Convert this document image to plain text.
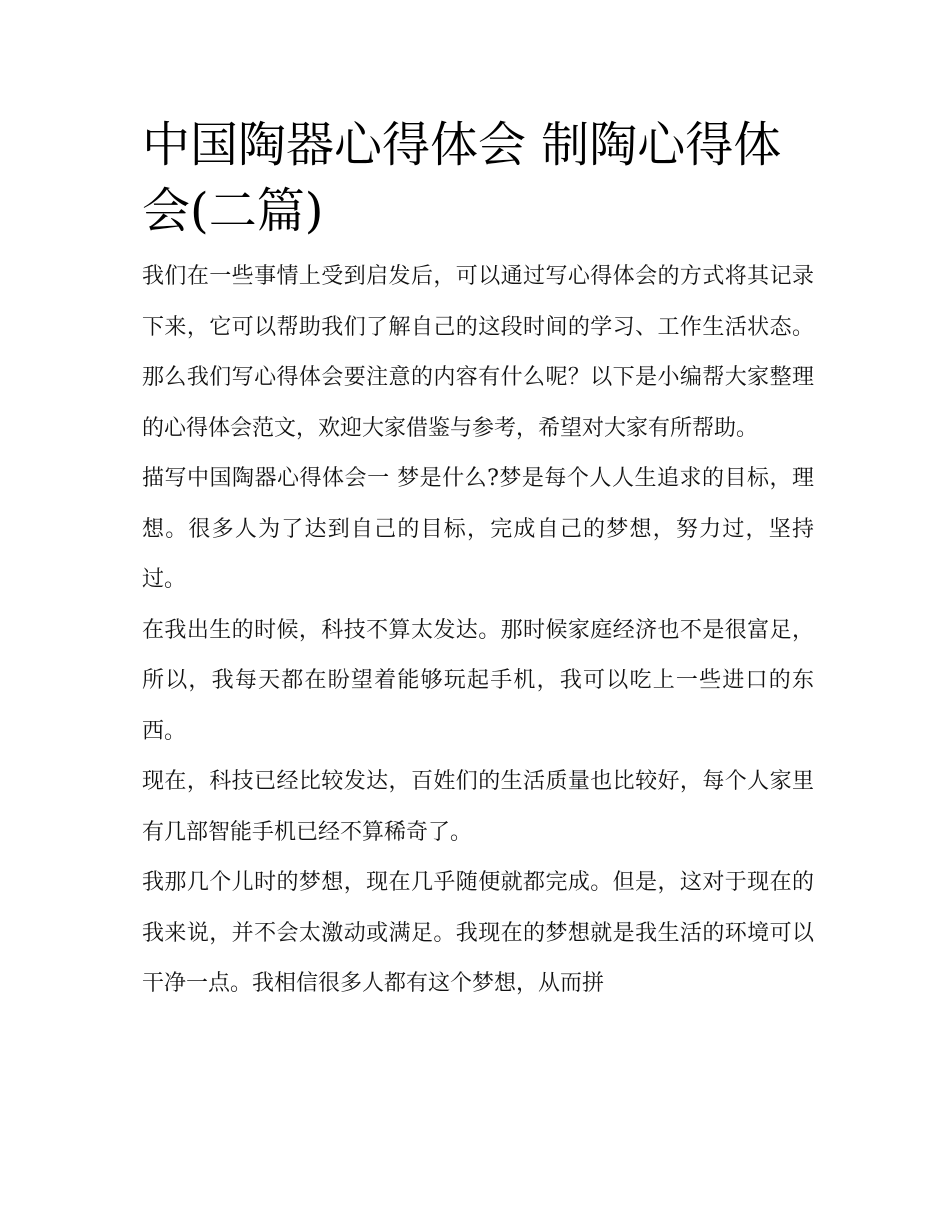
中国陶器心得体会 制陶心得体会(二篇)

我们在一些事情上受到启发后，可以通过写心得体会的方式将其记录下来，它可以帮助我们了解自己的这段时间的学习、工作生活状态。那么我们写心得体会要注意的内容有什么呢？以下是小编帮大家整理的心得体会范文，欢迎大家借鉴与参考，希望对大家有所帮助。

描写中国陶器心得体会一 梦是什么?梦是每个人人生追求的目标，理想。很多人为了达到自己的目标，完成自己的梦想，努力过，坚持过。

在我出生的时候，科技不算太发达。那时候家庭经济也不是很富足，所以，我每天都在盼望着能够玩起手机，我可以吃上一些进口的东西。

现在，科技已经比较发达，百姓们的生活质量也比较好，每个人家里有几部智能手机已经不算稀奇了。

我那几个儿时的梦想，现在几乎随便就都完成。但是，这对于现在的我来说，并不会太激动或满足。我现在的梦想就是我生活的环境可以干净一点。我相信很多人都有这个梦想，从而拼
